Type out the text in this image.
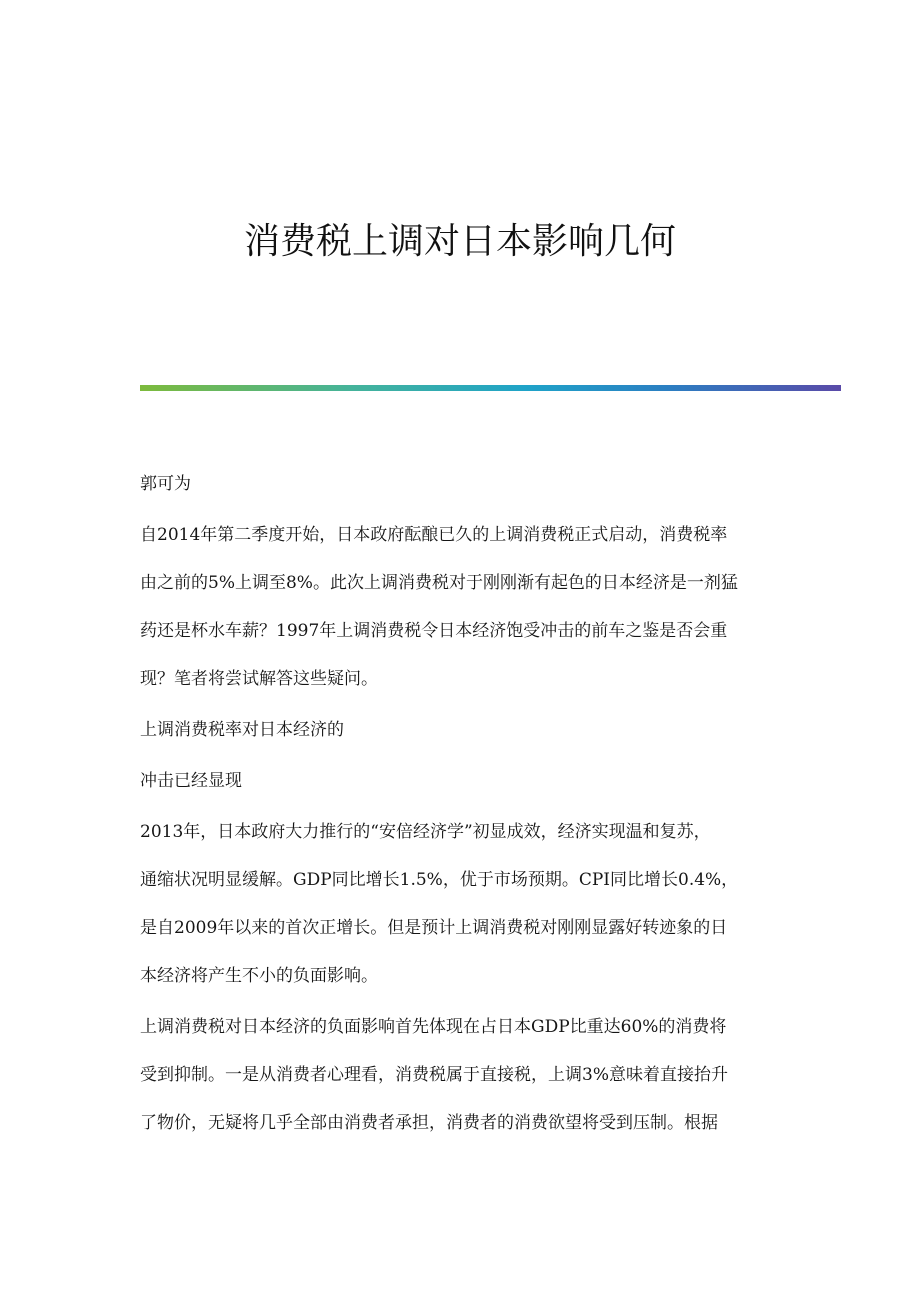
消费税上调对日本影响几何
郭可为
自2014年第二季度开始，日本政府酝酿已久的上调消费税正式启动，消费税率
由之前的5%上调至8%。此次上调消费税对于刚刚渐有起色的日本经济是一剂猛
药还是杯水车薪？1997年上调消费税令日本经济饱受冲击的前车之鉴是否会重
现？笔者将尝试解答这些疑问。
上调消费税率对日本经济的
冲击已经显现
2013年，日本政府大力推行的“安倍经济学”初显成效，经济实现温和复苏，
通缩状况明显缓解。GDP同比增长1.5%，优于市场预期。CPI同比增长0.4%，
是自2009年以来的首次正增长。但是预计上调消费税对刚刚显露好转迹象的日
本经济将产生不小的负面影响。
上调消费税对日本经济的负面影响首先体现在占日本GDP比重达60%的消费将
受到抑制。一是从消费者心理看，消费税属于直接税，上调3%意味着直接抬升
了物价，无疑将几乎全部由消费者承担，消费者的消费欲望将受到压制。根据
